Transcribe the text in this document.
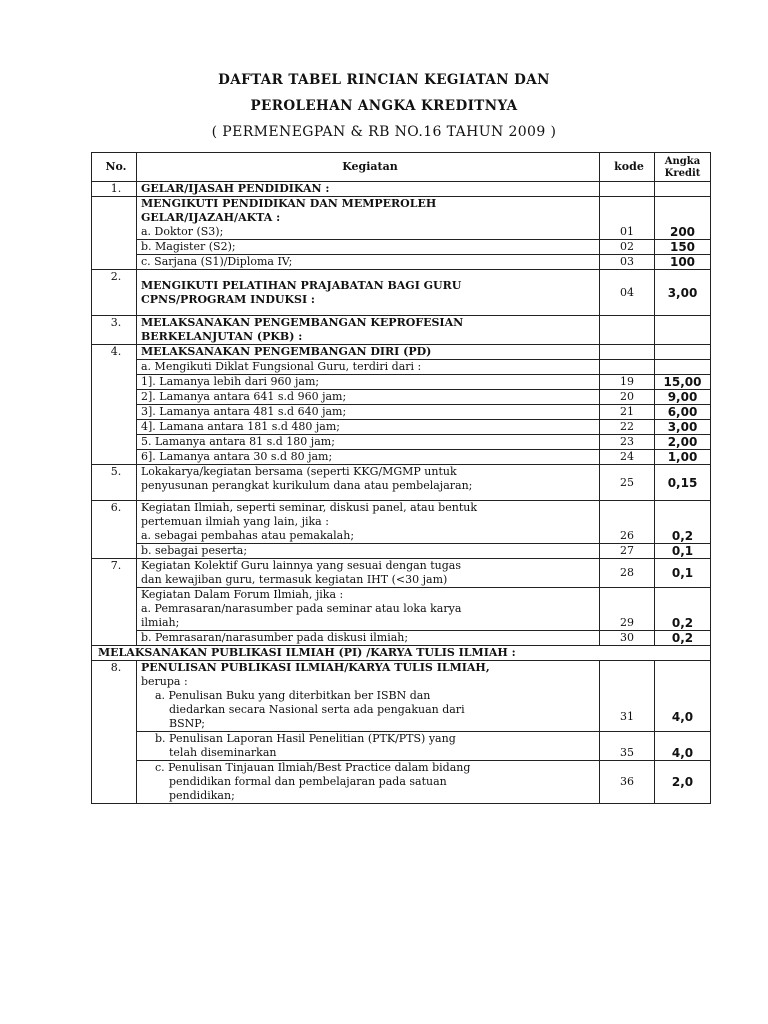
DAFTAR TABEL RINCIAN KEGIATAN DAN
PEROLEHAN ANGKA KREDITNYA
( PERMENEGPAN & RB NO.16 TAHUN 2009 )
No.	Kegiatan	kode	Angka
Kredit

1.	GELAR/IJASAH PENDIDIKAN :		

	MENGIKUTI PENDIDIKAN DAN MEMPEROLEH
GELAR/IJAZAH/AKTA :		

	a. Doktor (S3);	01	200
	b. Magister (S2);	02	150
	c. Sarjana (S1)/Diploma IV;	03	100
2.	MENGIKUTI PELATIHAN PRAJABATAN BAGI GURU
CPNS/PROGRAM INDUKSI :	04	3,00
3.	MELAKSANAKAN PENGEMBANGAN KEPROFESIAN
BERKELANJUTAN (PKB) :		

4.	MELAKSANAKAN PENGEMBANGAN DIRI (PD)		
	a. Mengikuti Diklat Fungsional Guru, terdiri dari :		
	1]. Lamanya lebih dari 960 jam;	19	15,00
	2]. Lamanya antara 641 s.d 960 jam;	20	9,00
	3]. Lamanya antara 481 s.d 640 jam;	21	6,00
	4]. Lamana antara 181 s.d 480 jam;	22	3,00
	5. Lamanya antara 81 s.d 180 jam;	23	2,00
	6]. Lamanya antara 30 s.d 80 jam;	24	1,00
5.	Lokakarya/kegiatan bersama (seperti KKG/MGMP untuk
penyusunan perangkat kurikulum dana atau pembelajaran;	25	0,15
6.	Kegiatan Ilmiah, seperti seminar, diskusi panel, atau bentuk
pertemuan ilmiah yang lain, jika :		

	a. sebagai pembahas atau pemakalah;	26	0,2
	b. sebagai peserta;	27	0,1
7.	Kegiatan Kolektif Guru lainnya yang sesuai dengan tugas
dan kewajiban guru, termasuk kegiatan IHT (<30 jam)	28	0,1

	Kegiatan Dalam Forum Ilmiah, jika :
a. Pemrasaran/narasumber pada seminar atau loka karya		

	ilmiah;	29	0,2
	b. Pemrasaran/narasumber pada diskusi ilmiah;	30	0,2
MELAKSANAKAN PUBLIKASI ILMIAH (PI) /KARYA TULIS ILMIAH :			
8.	PENULISAN PUBLIKASI ILMIAH/KARYA TULIS ILMIAH,
berupa :
a. Penulisan Buku yang diterbitkan ber ISBN dan
diedarkan secara Nasional serta ada pengakuan dari
BSNP;	31	4,0

	b. Penulisan Laporan Hasil Penelitian (PTK/PTS) yang
telah diseminarkan	35	4,0

	c. Penulisan Tinjauan Ilmiah/Best Practice dalam bidang
pendidikan formal dan pembelajaran pada satuan
pendidikan;	36	2,0
